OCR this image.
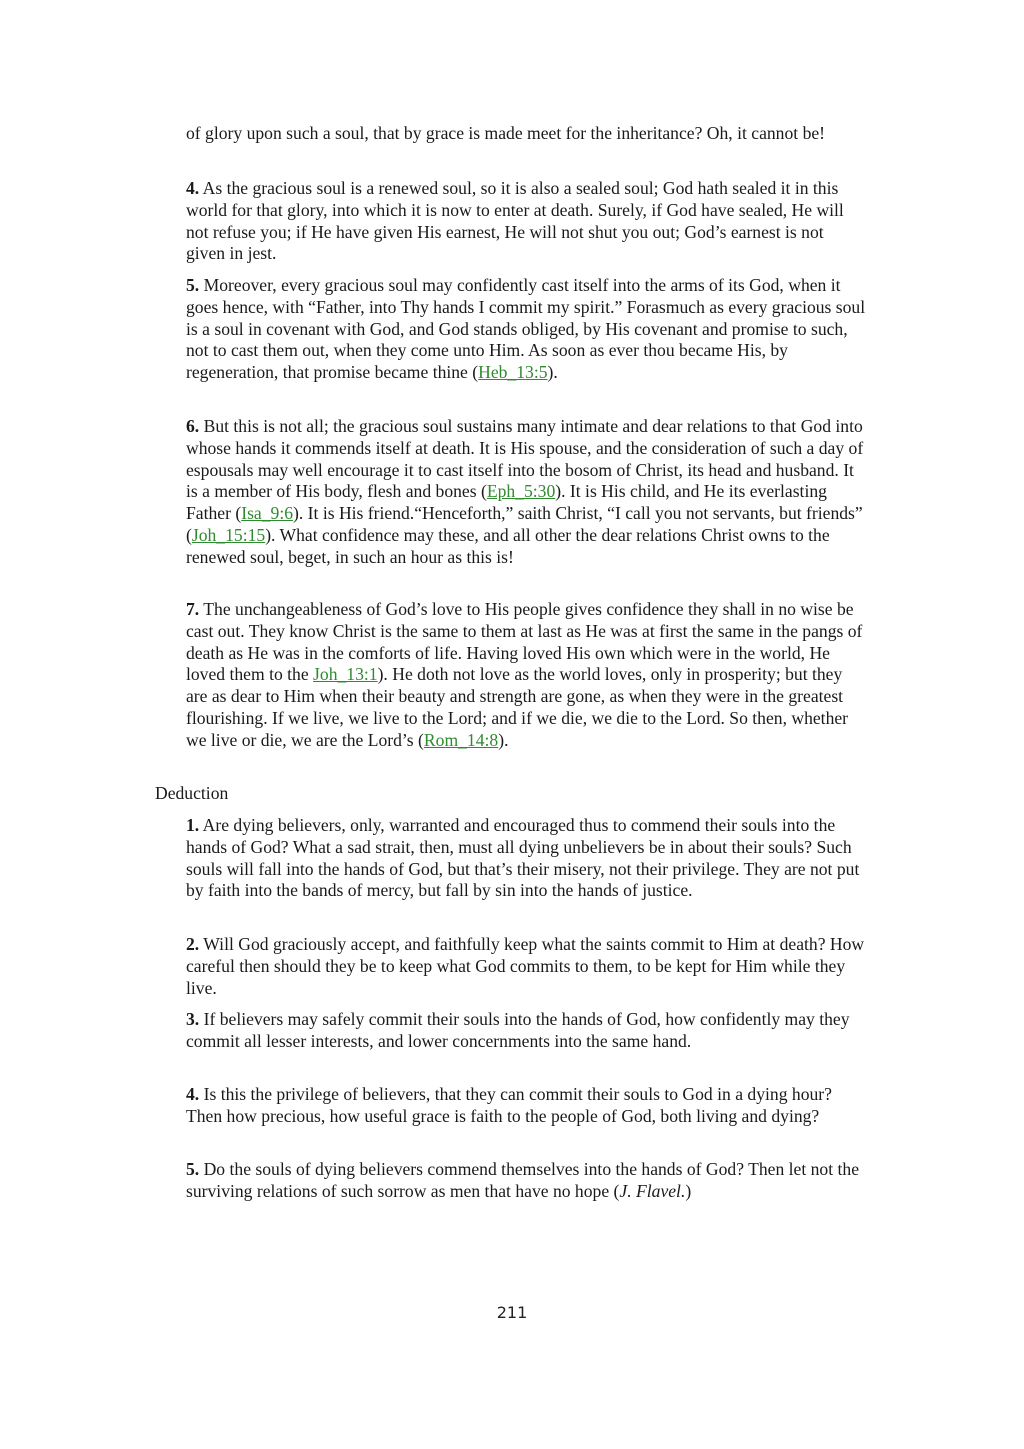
of glory upon such a soul, that by grace is made meet for the inheritance? Oh, it cannot be!

4. As the gracious soul is a renewed soul, so it is also a sealed soul; God hath sealed it in this world for that glory, into which it is now to enter at death. Surely, if God have sealed, He will not refuse you; if He have given His earnest, He will not shut you out; God’s earnest is not given in jest.

5. Moreover, every gracious soul may confidently cast itself into the arms of its God, when it goes hence, with “Father, into Thy hands I commit my spirit.” Forasmuch as every gracious soul is a soul in covenant with God, and God stands obliged, by His covenant and promise to such, not to cast them out, when they come unto Him. As soon as ever thou became His, by regeneration, that promise became thine (Heb_13:5).

6. But this is not all; the gracious soul sustains many intimate and dear relations to that God into whose hands it commends itself at death. It is His spouse, and the consideration of such a day of espousals may well encourage it to cast itself into the bosom of Christ, its head and husband. It is a member of His body, flesh and bones (Eph_5:30). It is His child, and He its everlasting Father (Isa_9:6). It is His friend.“Henceforth,” saith Christ, “I call you not servants, but friends” (Joh_15:15). What confidence may these, and all other the dear relations Christ owns to the renewed soul, beget, in such an hour as this is!

7. The unchangeableness of God’s love to His people gives confidence they shall in no wise be cast out. They know Christ is the same to them at last as He was at first the same in the pangs of death as He was in the comforts of life. Having loved His own which were in the world, He loved them to the Joh_13:1). He doth not love as the world loves, only in prosperity; but they are as dear to Him when their beauty and strength are gone, as when they were in the greatest flourishing. If we live, we live to the Lord; and if we die, we die to the Lord. So then, whether we live or die, we are the Lord’s (Rom_14:8).

Deduction

1. Are dying believers, only, warranted and encouraged thus to commend their souls into the hands of God? What a sad strait, then, must all dying unbelievers be in about their souls? Such souls will fall into the hands of God, but that’s their misery, not their privilege. They are not put by faith into the bands of mercy, but fall by sin into the hands of justice.

2. Will God graciously accept, and faithfully keep what the saints commit to Him at death? How careful then should they be to keep what God commits to them, to be kept for Him while they live.

3. If believers may safely commit their souls into the hands of God, how confidently may they commit all lesser interests, and lower concernments into the same hand.

4. Is this the privilege of believers, that they can commit their souls to God in a dying hour? Then how precious, how useful grace is faith to the people of God, both living and dying?

5. Do the souls of dying believers commend themselves into the hands of God? Then let not the surviving relations of such sorrow as men that have no hope (J. Flavel.)

211
